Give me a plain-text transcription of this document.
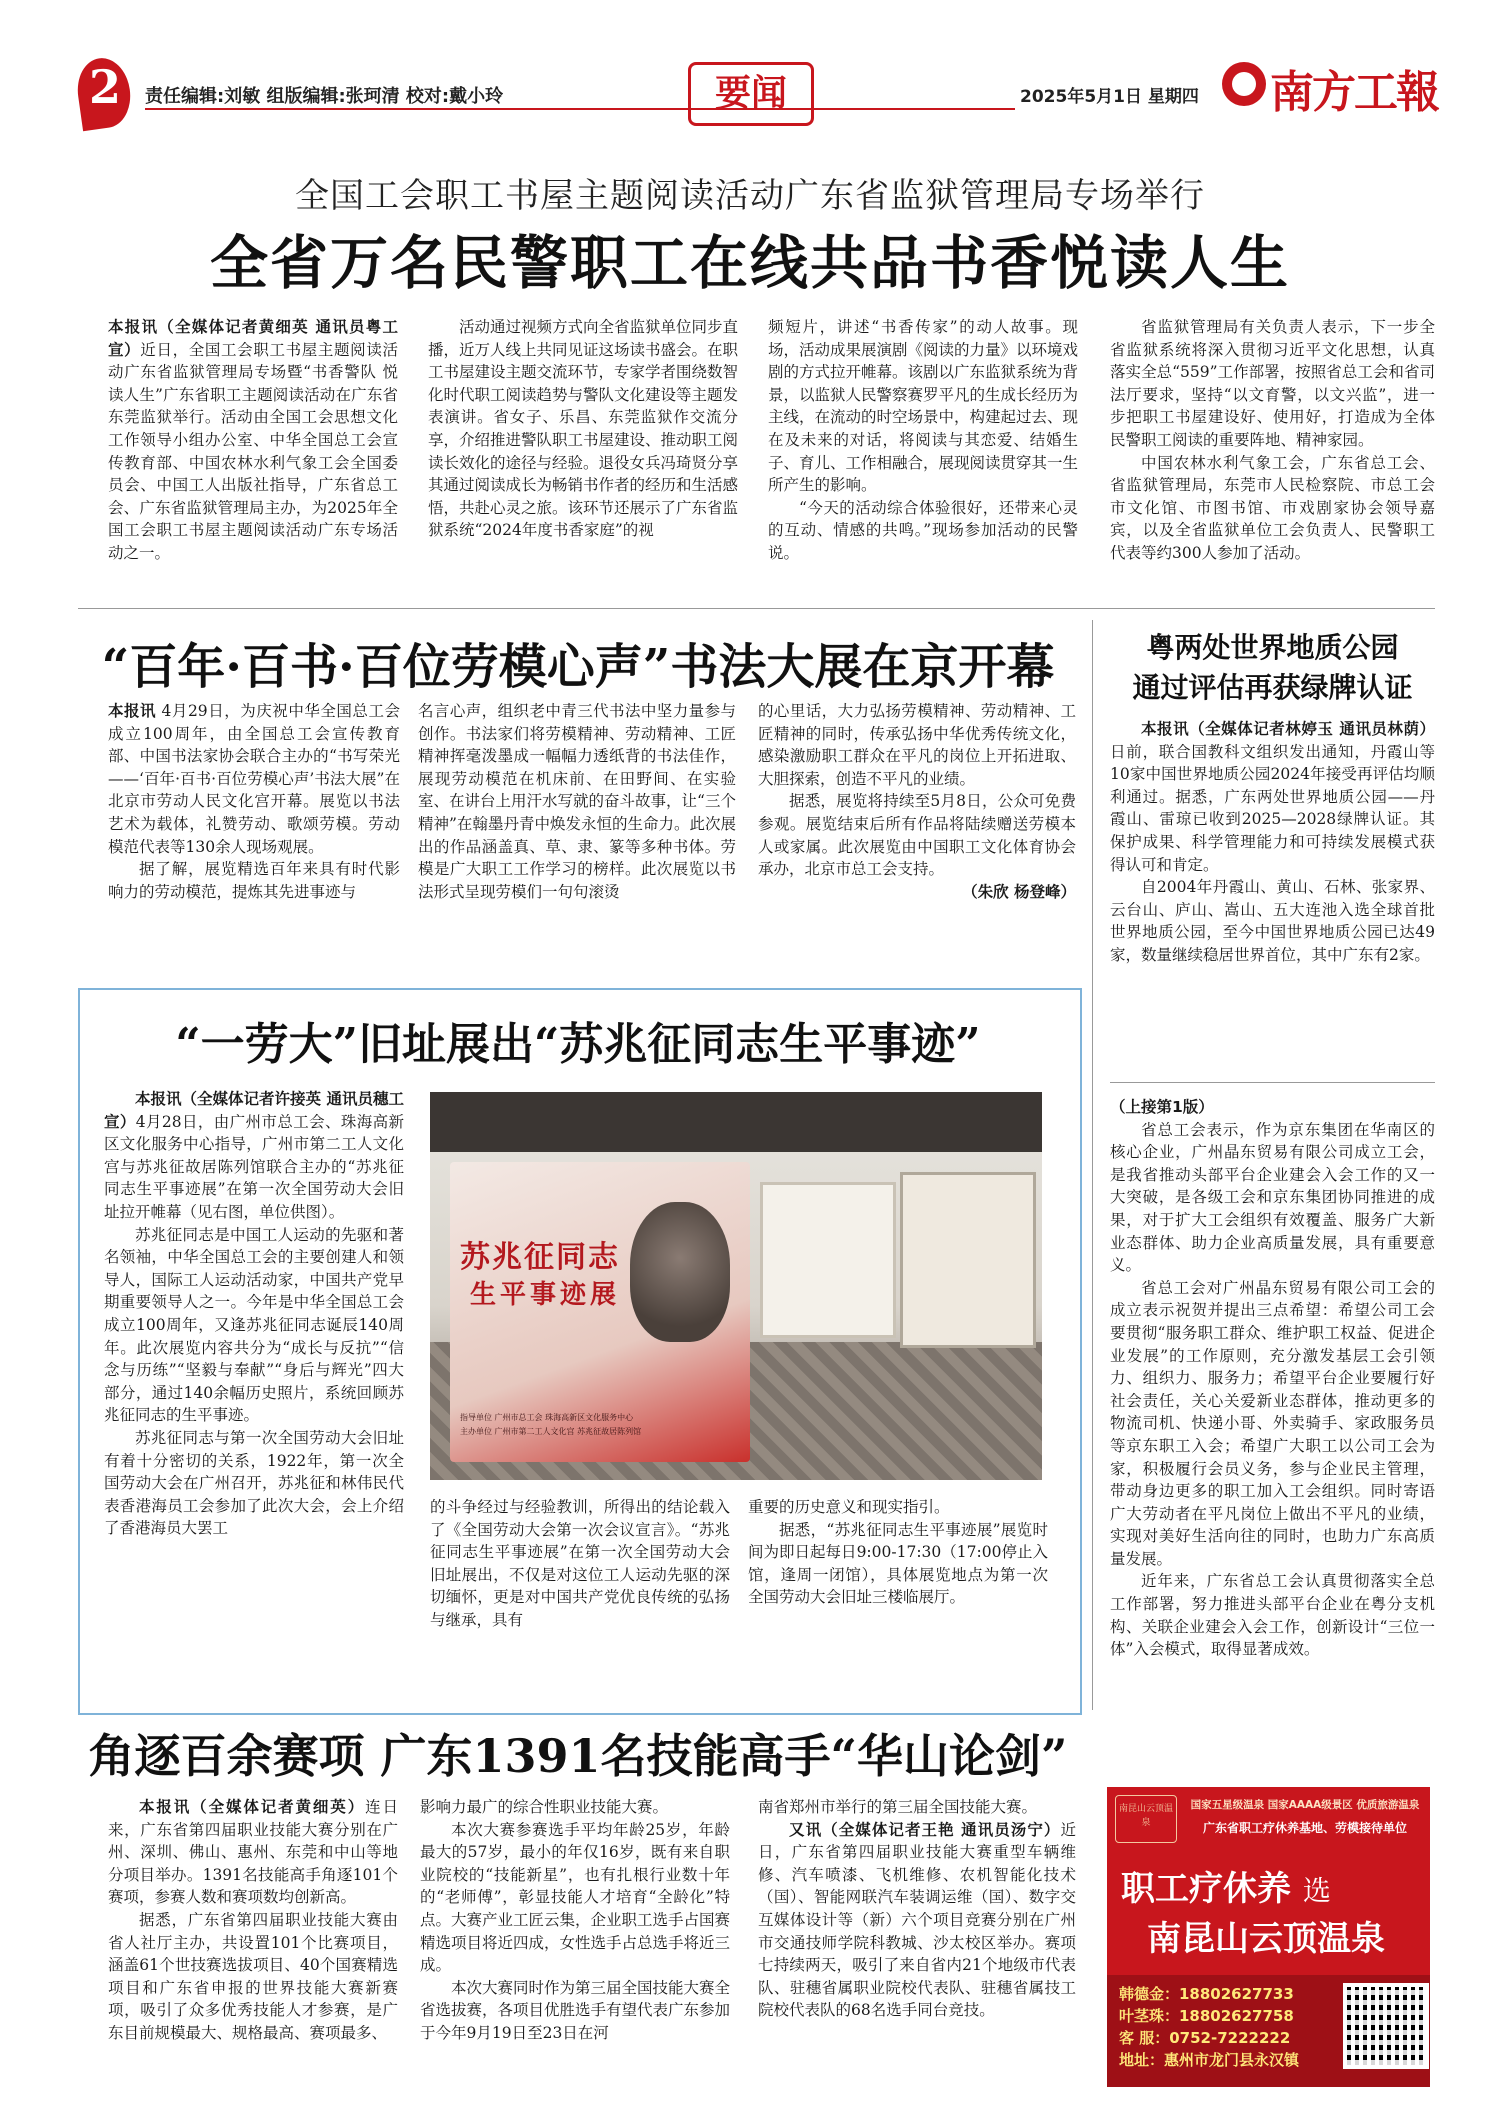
2	责任编辑:刘敏 组版编辑:张珂清 校对:戴小玲	要闻	2025年5月1日 星期四 南方工報
全国工会职工书屋主题阅读活动广东省监狱管理局专场举行
全省万名民警职工在线共品书香悦读人生

本报讯（全媒体记者黄细英 通讯员粤工宣）近日，全国工会职工书屋主题阅读活动广东省监狱管理局专场暨“书香警队 悦读人生”广东省职工主题阅读活动在广东省东莞监狱举行。活动由全国工会思想文化工作领导小组办公室、中华全国总工会宣传教育部、中国农林水利气象工会全国委员会、中国工人出版社指导，广东省总工会、广东省监狱管理局主办，为2025年全国工会职工书屋主题阅读活动广东专场活动之一。

活动通过视频方式向全省监狱单位同步直播，近万人线上共同见证这场读书盛会。在职工书屋建设主题交流环节，专家学者围绕数智化时代职工阅读趋势与警队文化建设等主题发表演讲。省女子、乐昌、东莞监狱作交流分享，介绍推进警队职工书屋建设、推动职工阅读长效化的途径与经验。退役女兵冯琦贤分享其通过阅读成长为畅销书作者的经历和生活感悟，共赴心灵之旅。该环节还展示了广东省监狱系统“2024年度书香家庭”的视

频短片，讲述“书香传家”的动人故事。现场，活动成果展演剧《阅读的力量》以环境戏剧的方式拉开帷幕。该剧以广东监狱系统为背景，以监狱人民警察赛罗平凡的生成长经历为主线，在流动的时空场景中，构建起过去、现在及未来的对话，将阅读与其恋爱、结婚生子、育儿、工作相融合，展现阅读贯穿其一生所产生的影响。

“今天的活动综合体验很好，还带来心灵的互动、情感的共鸣。”现场参加活动的民警说。

省监狱管理局有关负责人表示，下一步全省监狱系统将深入贯彻习近平文化思想，认真落实全总“559”工作部署，按照省总工会和省司法厅要求，坚持“以文育警，以文兴监”，进一步把职工书屋建设好、使用好，打造成为全体民警职工阅读的重要阵地、精神家园。

中国农林水利气象工会，广东省总工会、省监狱管理局，东莞市人民检察院、市总工会市文化馆、市图书馆、市戏剧家协会领导嘉宾，以及全省监狱单位工会负责人、民警职工代表等约300人参加了活动。

“百年·百书·百位劳模心声”书法大展在京开幕

本报讯 4月29日，为庆祝中华全国总工会成立100周年，由全国总工会宣传教育部、中国书法家协会联合主办的“书写荣光——‘百年·百书·百位劳模心声’书法大展”在北京市劳动人民文化宫开幕。展览以书法艺术为载体，礼赞劳动、歌颂劳模。劳动模范代表等130余人现场观展。

据了解，展览精选百年来具有时代影响力的劳动模范，提炼其先进事迹与

名言心声，组织老中青三代书法中坚力量参与创作。书法家们将劳模精神、劳动精神、工匠精神挥毫泼墨成一幅幅力透纸背的书法佳作，展现劳动模范在机床前、在田野间、在实验室、在讲台上用汗水写就的奋斗故事，让“三个精神”在翰墨丹青中焕发永恒的生命力。此次展出的作品涵盖真、草、隶、篆等多种书体。劳模是广大职工工作学习的榜样。此次展览以书法形式呈现劳模们一句句滚烫

的心里话，大力弘扬劳模精神、劳动精神、工匠精神的同时，传承弘扬中华优秀传统文化，感染激励职工群众在平凡的岗位上开拓进取、大胆探索，创造不平凡的业绩。

据悉，展览将持续至5月8日，公众可免费参观。展览结束后所有作品将陆续赠送劳模本人或家属。此次展览由中国职工文化体育协会承办，北京市总工会支持。

（朱欣 杨登峰）
粤两处世界地质公园
通过评估再获绿牌认证

本报讯（全媒体记者林婷玉 通讯员林荫）日前，联合国教科文组织发出通知，丹霞山等10家中国世界地质公园2024年接受再评估均顺利通过。据悉，广东两处世界地质公园——丹霞山、雷琼已收到2025—2028绿牌认证。其保护成果、科学管理能力和可持续发展模式获得认可和肯定。

自2004年丹霞山、黄山、石林、张家界、云台山、庐山、嵩山、五大连池入选全球首批世界地质公园，至今中国世界地质公园已达49家，数量继续稳居世界首位，其中广东有2家。

“一劳大”旧址展出“苏兆征同志生平事迹”

本报讯（全媒体记者许接英 通讯员穗工宣）4月28日，由广州市总工会、珠海高新区文化服务中心指导，广州市第二工人文化宫与苏兆征故居陈列馆联合主办的“苏兆征同志生平事迹展”在第一次全国劳动大会旧址拉开帷幕（见右图，单位供图）。

苏兆征同志是中国工人运动的先驱和著名领袖，中华全国总工会的主要创建人和领导人，国际工人运动活动家，中国共产党早期重要领导人之一。今年是中华全国总工会成立100周年，又逢苏兆征同志诞辰140周年。此次展览内容共分为“成长与反抗”“信念与历练”“坚毅与奉献”“身后与辉光”四大部分，通过140余幅历史照片，系统回顾苏兆征同志的生平事迹。

苏兆征同志与第一次全国劳动大会旧址有着十分密切的关系，1922年，第一次全国劳动大会在广州召开，苏兆征和林伟民代表香港海员工会参加了此次大会，会上介绍了香港海员大罢工

苏兆征同志
生平事迹展
指导单位 广州市总工会 珠海高新区文化服务中心
主办单位 广州市第二工人文化宫 苏兆征故居陈列馆

的斗争经过与经验教训，所得出的结论载入了《全国劳动大会第一次会议宣言》。“苏兆征同志生平事迹展”在第一次全国劳动大会旧址展出，不仅是对这位工人运动先驱的深切缅怀，更是对中国共产党优良传统的弘扬与继承，具有

重要的历史意义和现实指引。

据悉，“苏兆征同志生平事迹展”展览时间为即日起每日9:00-17:30（17:00停止入馆，逢周一闭馆），具体展览地点为第一次全国劳动大会旧址三楼临展厅。

（上接第1版）

省总工会表示，作为京东集团在华南区的核心企业，广州晶东贸易有限公司成立工会，是我省推动头部平台企业建会入会工作的又一大突破，是各级工会和京东集团协同推进的成果，对于扩大工会组织有效覆盖、服务广大新业态群体、助力企业高质量发展，具有重要意义。

省总工会对广州晶东贸易有限公司工会的成立表示祝贺并提出三点希望：希望公司工会要贯彻“服务职工群众、维护职工权益、促进企业发展”的工作原则，充分激发基层工会引领力、组织力、服务力；希望平台企业要履行好社会责任，关心关爱新业态群体，推动更多的物流司机、快递小哥、外卖骑手、家政服务员等京东职工入会；希望广大职工以公司工会为家，积极履行会员义务，参与企业民主管理，带动身边更多的职工加入工会组织。同时寄语广大劳动者在平凡岗位上做出不平凡的业绩，实现对美好生活向往的同时，也助力广东高质量发展。

近年来，广东省总工会认真贯彻落实全总工作部署，努力推进头部平台企业在粤分支机构、关联企业建会入会工作，创新设计“三位一体”入会模式，取得显著成效。

角逐百余赛项 广东1391名技能高手“华山论剑”

本报讯（全媒体记者黄细英）连日来，广东省第四届职业技能大赛分别在广州、深圳、佛山、惠州、东莞和中山等地分项目举办。1391名技能高手角逐101个赛项，参赛人数和赛项数均创新高。

据悉，广东省第四届职业技能大赛由省人社厅主办，共设置101个比赛项目，涵盖61个世技赛选拔项目、40个国赛精选项目和广东省申报的世界技能大赛新赛项，吸引了众多优秀技能人才参赛，是广东目前规模最大、规格最高、赛项最多、

影响力最广的综合性职业技能大赛。

本次大赛参赛选手平均年龄25岁，年龄最大的57岁，最小的年仅16岁，既有来自职业院校的“技能新星”，也有扎根行业数十年的“老师傅”，彰显技能人才培育“全龄化”特点。大赛产业工匠云集，企业职工选手占国赛精选项目将近四成，女性选手占总选手将近三成。

本次大赛同时作为第三届全国技能大赛全省选拔赛，各项目优胜选手有望代表广东参加于今年9月19日至23日在河

南省郑州市举行的第三届全国技能大赛。

又讯（全媒体记者王艳 通讯员汤宁）近日，广东省第四届职业技能大赛重型车辆维修、汽车喷漆、飞机维修、农机智能化技术（国）、智能网联汽车装调运维（国）、数字交互媒体设计等（新）六个项目竞赛分别在广州市交通技师学院科教城、沙太校区举办。赛项七持续两天，吸引了来自省内21个地级市代表队、驻穗省属职业院校代表队、驻穗省属技工院校代表队的68名选手同台竞技。

南昆山云顶温泉
国家五星级温泉 国家AAAA级景区 优质旅游温泉
广东省职工疗休养基地、劳模接待单位
职工疗休养 选
南昆山云顶温泉
韩德金：18802627733
叶茎珠：18802627758
客 服：0752-7222222
地址：惠州市龙门县永汉镇
